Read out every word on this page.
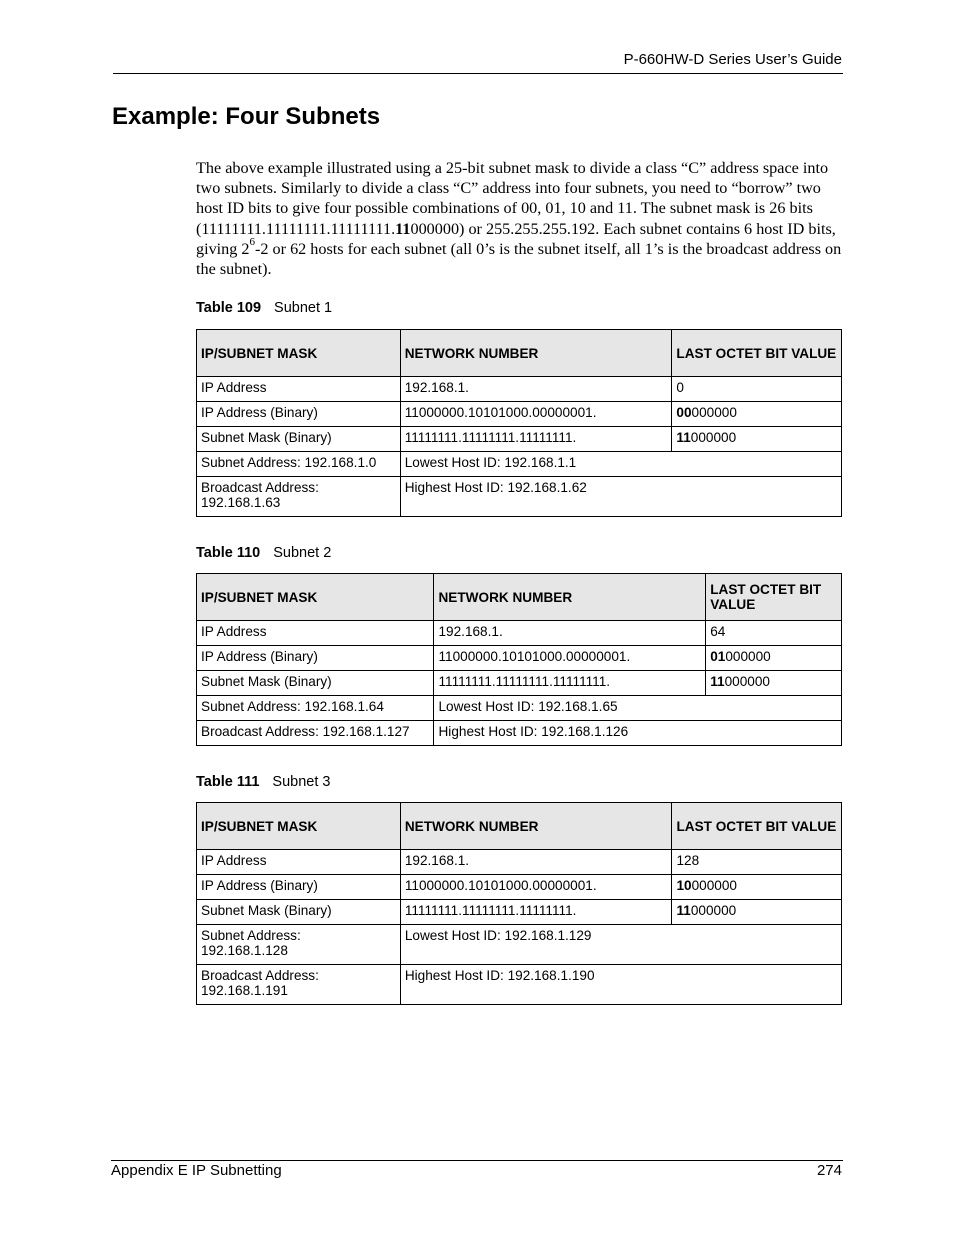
P-660HW-D Series User’s Guide
Example: Four Subnets

The above example illustrated using a 25-bit subnet mask to divide a class “C” address space into two subnets. Similarly to divide a class “C” address into four subnets, you need to “borrow” two host ID bits to give four possible combinations of 00, 01, 10 and 11. The subnet mask is 26 bits (11111111.11111111.11111111.11000000) or 255.255.255.192. Each subnet contains 6 host ID bits, giving $2^6-2$ or 62 hosts for each subnet (all 0’s is the subnet itself, all 1’s is the broadcast address on the subnet).

Table 109 Subnet 1
IP/SUBNET MASK	NETWORK NUMBER	LAST OCTET BIT VALUE
IP Address	192.168.1.	0
IP Address (Binary)	11000000.10101000.00000001.	00000000
Subnet Mask (Binary)	11111111.11111111.11111111.	11000000
Subnet Address: 192.168.1.0	Lowest Host ID: 192.168.1.1	
Broadcast Address: 192.168.1.63	Highest Host ID: 192.168.1.62	
Table 110 Subnet 2
IP/SUBNET MASK	NETWORK NUMBER	LAST OCTET BIT VALUE
IP Address	192.168.1.	64
IP Address (Binary)	11000000.10101000.00000001.	01000000
Subnet Mask (Binary)	11111111.11111111.11111111.	11000000
Subnet Address: 192.168.1.64	Lowest Host ID: 192.168.1.65	
Broadcast Address: 192.168.1.127	Highest Host ID: 192.168.1.126	
Table 111 Subnet 3
IP/SUBNET MASK	NETWORK NUMBER	LAST OCTET BIT VALUE
IP Address	192.168.1.	128
IP Address (Binary)	11000000.10101000.00000001.	10000000
Subnet Mask (Binary)	11111111.11111111.11111111.	11000000
Subnet Address: 192.168.1.128	Lowest Host ID: 192.168.1.129	
Broadcast Address: 192.168.1.191	Highest Host ID: 192.168.1.190	
Appendix E IP Subnetting	274
